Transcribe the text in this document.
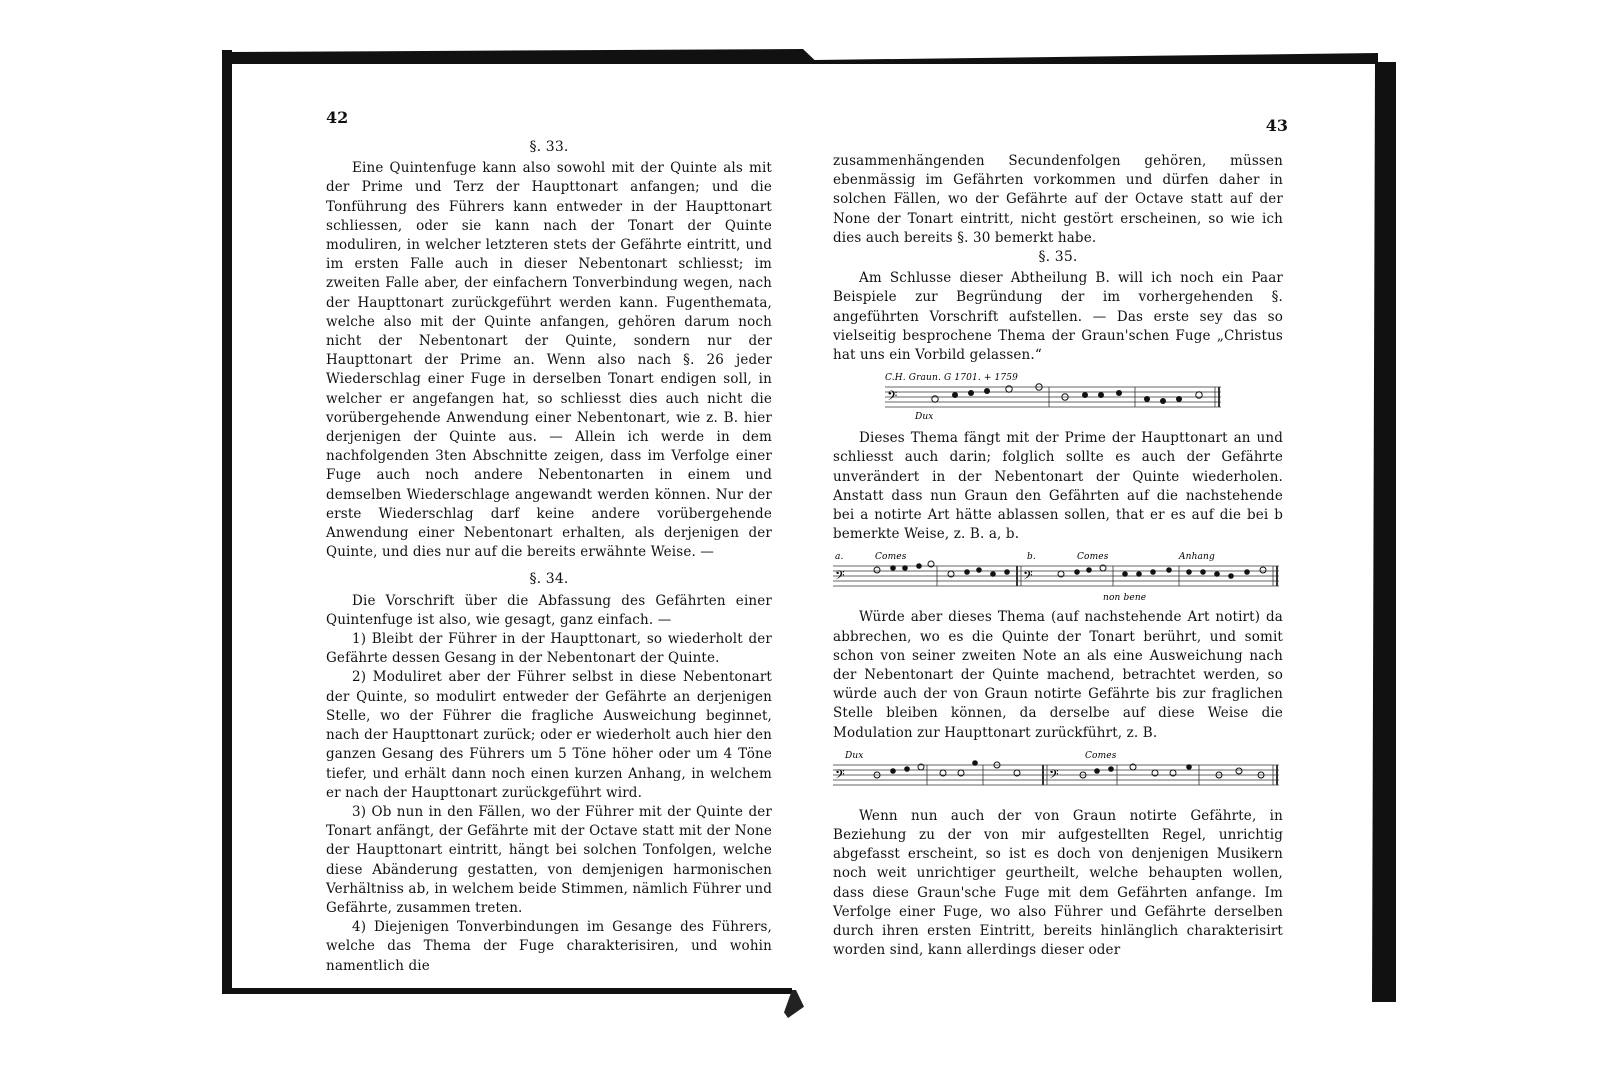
42
§. 33.

Eine Quintenfuge kann also sowohl mit der Quinte als mit der Prime und Terz der Haupttonart anfangen; und die Tonführung des Führers kann entweder in der Haupttonart schliessen, oder sie kann nach der Tonart der Quinte moduliren, in welcher letzteren stets der Gefährte eintritt, und im ersten Falle auch in dieser Nebentonart schliesst; im zweiten Falle aber, der einfachern Tonverbindung wegen, nach der Haupttonart zurückgeführt werden kann. Fugenthemata, welche also mit der Quinte anfangen, gehören darum noch nicht der Nebentonart der Quinte, sondern nur der Haupttonart der Prime an. Wenn also nach §. 26 jeder Wiederschlag einer Fuge in derselben Tonart endigen soll, in welcher er angefangen hat, so schliesst dies auch nicht die vorübergehende Anwendung einer Nebentonart, wie z. B. hier derjenigen der Quinte aus. — Allein ich werde in dem nachfolgenden 3ten Abschnitte zeigen, dass im Verfolge einer Fuge auch noch andere Nebentonarten in einem und demselben Wiederschlage angewandt werden können. Nur der erste Wiederschlag darf keine andere vorübergehende Anwendung einer Nebentonart erhalten, als derjenigen der Quinte, und dies nur auf die bereits erwähnte Weise. —

§. 34.

Die Vorschrift über die Abfassung des Gefährten einer Quintenfuge ist also, wie gesagt, ganz einfach. —

1) Bleibt der Führer in der Haupttonart, so wiederholt der Gefährte dessen Gesang in der Nebentonart der Quinte.

2) Moduliret aber der Führer selbst in diese Nebentonart der Quinte, so modulirt entweder der Gefährte an derjenigen Stelle, wo der Führer die fragliche Ausweichung beginnet, nach der Haupttonart zurück; oder er wiederholt auch hier den ganzen Gesang des Führers um 5 Töne höher oder um 4 Töne tiefer, und erhält dann noch einen kurzen Anhang, in welchem er nach der Haupttonart zurückgeführt wird.

3) Ob nun in den Fällen, wo der Führer mit der Quinte der Tonart anfängt, der Gefährte mit der Octave statt mit der None der Haupttonart eintritt, hängt bei solchen Tonfolgen, welche diese Abänderung gestatten, von demjenigen harmonischen Verhältniss ab, in welchem beide Stimmen, nämlich Führer und Gefährte, zusammen treten.

4) Diejenigen Tonverbindungen im Gesange des Führers, welche das Thema der Fuge charakterisiren, und wohin namentlich die

43

zusammenhängenden Secundenfolgen gehören, müssen ebenmässig im Gefährten vorkommen und dürfen daher in solchen Fällen, wo der Gefährte auf der Octave statt auf der None der Tonart eintritt, nicht gestört erscheinen, so wie ich dies auch bereits §. 30 bemerkt habe.

§. 35.

Am Schlusse dieser Abtheilung B. will ich noch ein Paar Beispiele zur Begründung der im vorhergehenden §. angeführten Vorschrift aufstellen. — Das erste sey das so vielseitig besprochene Thema der Graun'schen Fuge „Christus hat uns ein Vorbild gelassen.“

C.H. Graun. G 1701. + 1759
𝄢
Dux

Dieses Thema fängt mit der Prime der Haupttonart an und schliesst auch darin; folglich sollte es auch der Gefährte unverändert in der Nebentonart der Quinte wiederholen. Anstatt dass nun Graun den Gefährten auf die nachstehende bei a notirte Art hätte ablassen sollen, that er es auf die bei b bemerkte Weise, z. B. a, b.

a.	Comes	b.	Comes	Anhang
𝄢	𝄢
non bene

Würde aber dieses Thema (auf nachstehende Art notirt) da abbrechen, wo es die Quinte der Tonart berührt, und somit schon von seiner zweiten Note an als eine Ausweichung nach der Nebentonart der Quinte machend, betrachtet werden, so würde auch der von Graun notirte Gefährte bis zur fraglichen Stelle bleiben können, da derselbe auf diese Weise die Modulation zur Haupttonart zurückführt, z. B.

Dux	Comes
𝄢	𝄢

Wenn nun auch der von Graun notirte Gefährte, in Beziehung zu der von mir aufgestellten Regel, unrichtig abgefasst erscheint, so ist es doch von denjenigen Musikern noch weit unrichtiger geurtheilt, welche behaupten wollen, dass diese Graun'sche Fuge mit dem Gefährten anfange. Im Verfolge einer Fuge, wo also Führer und Gefährte derselben durch ihren ersten Eintritt, bereits hinlänglich charakterisirt worden sind, kann allerdings dieser oder
